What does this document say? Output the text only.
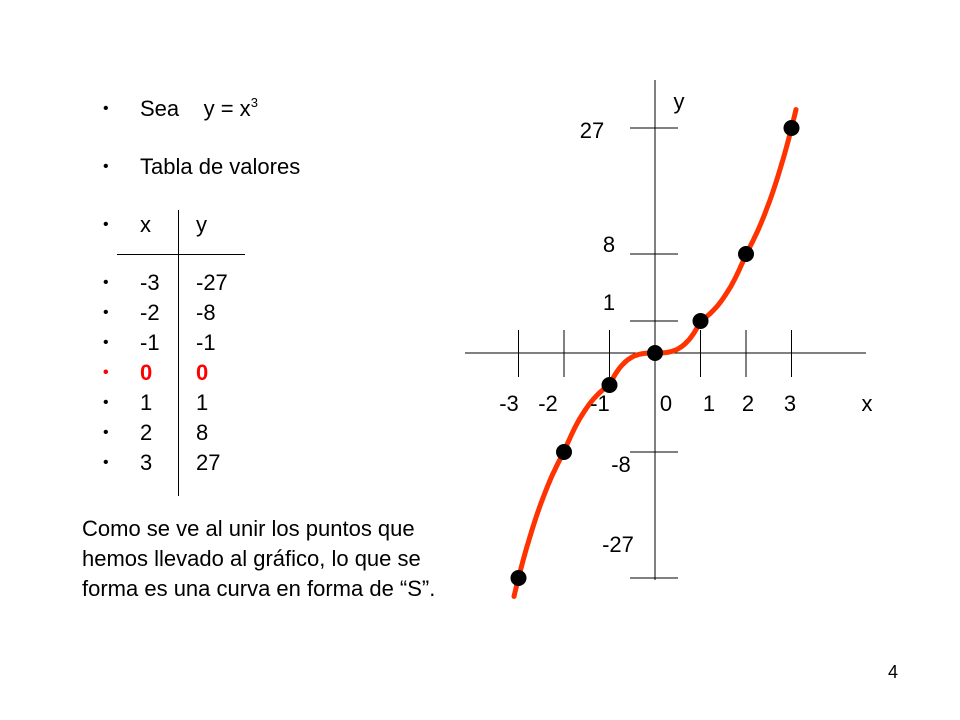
• Sea $y = x^3$
• Tabla de valores
• x y
• -3 -27
• -2 -8
• -1 -1
• 0 0
• 1 1
• 2 8
• 3 27
-3 -2 -1 0 1 2 3
27
8
1
-8
-27
x
y
Como se ve al unir los puntos que
hemos llevado al gráfico, lo que se
forma es una curva en forma de “S”.
4
